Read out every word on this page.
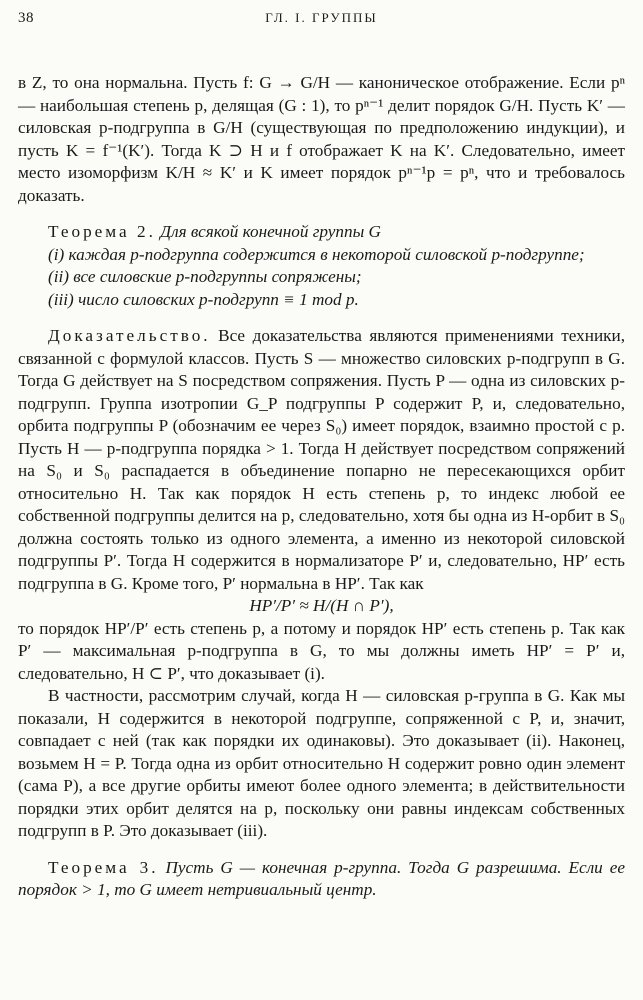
38	ГЛ. I. ГРУППЫ

в Z, то она нормальна. Пусть f: G → G/H — каноническое отображение. Если pⁿ — наибольшая степень p, делящая (G : 1), то pⁿ⁻¹ делит порядок G/H. Пусть K′ — силовская p-подгруппа в G/H (существующая по предположению индукции), и пусть K = f⁻¹(K′). Тогда K ⊃ H и f отображает K на K′. Следовательно, имеет место изоморфизм K/H ≈ K′ и K имеет порядок pⁿ⁻¹p = pⁿ, что и требовалось доказать.

Теорема 2. Для всякой конечной группы G

(i) каждая p-подгруппа содержится в некоторой силовской p-подгруппе;

(ii) все силовские p-подгруппы сопряжены;

(iii) число силовских p-подгрупп ≡ 1 mod p.

Доказательство. Все доказательства являются применениями техники, связанной с формулой классов. Пусть S — множество силовских p-подгрупп в G. Тогда G действует на S посредством сопряжения. Пусть P — одна из силовских p-подгрупп. Группа изотропии G_P подгруппы P содержит P, и, следовательно, орбита подгруппы P (обозначим ее через S₀) имеет порядок, взаимно простой с p. Пусть H — p-подгруппа порядка > 1. Тогда H действует посредством сопряжений на S₀ и S₀ распадается в объединение попарно не пересекающихся орбит относительно H. Так как порядок H есть степень p, то индекс любой ее собственной подгруппы делится на p, следовательно, хотя бы одна из H-орбит в S₀ должна состоять только из одного элемента, а именно из некоторой силовской подгруппы P′. Тогда H содержится в нормализаторе P′ и, следовательно, HP′ есть подгруппа в G. Кроме того, P′ нормальна в HP′. Так как

HP′/P′ ≈ H/(H ∩ P′),

то порядок HP′/P′ есть степень p, а потому и порядок HP′ есть степень p. Так как P′ — максимальная p-подгруппа в G, то мы должны иметь HP′ = P′ и, следовательно, H ⊂ P′, что доказывает (i).

В частности, рассмотрим случай, когда H — силовская p-группа в G. Как мы показали, H содержится в некоторой подгруппе, сопряженной с P, и, значит, совпадает с ней (так как порядки их одинаковы). Это доказывает (ii). Наконец, возьмем H = P. Тогда одна из орбит относительно H содержит ровно один элемент (сама P), а все другие орбиты имеют более одного элемента; в действительности порядки этих орбит делятся на p, поскольку они равны индексам собственных подгрупп в P. Это доказывает (iii).

Теорема 3. Пусть G — конечная p-группа. Тогда G разрешима. Если ее порядок > 1, то G имеет нетривиальный центр.
